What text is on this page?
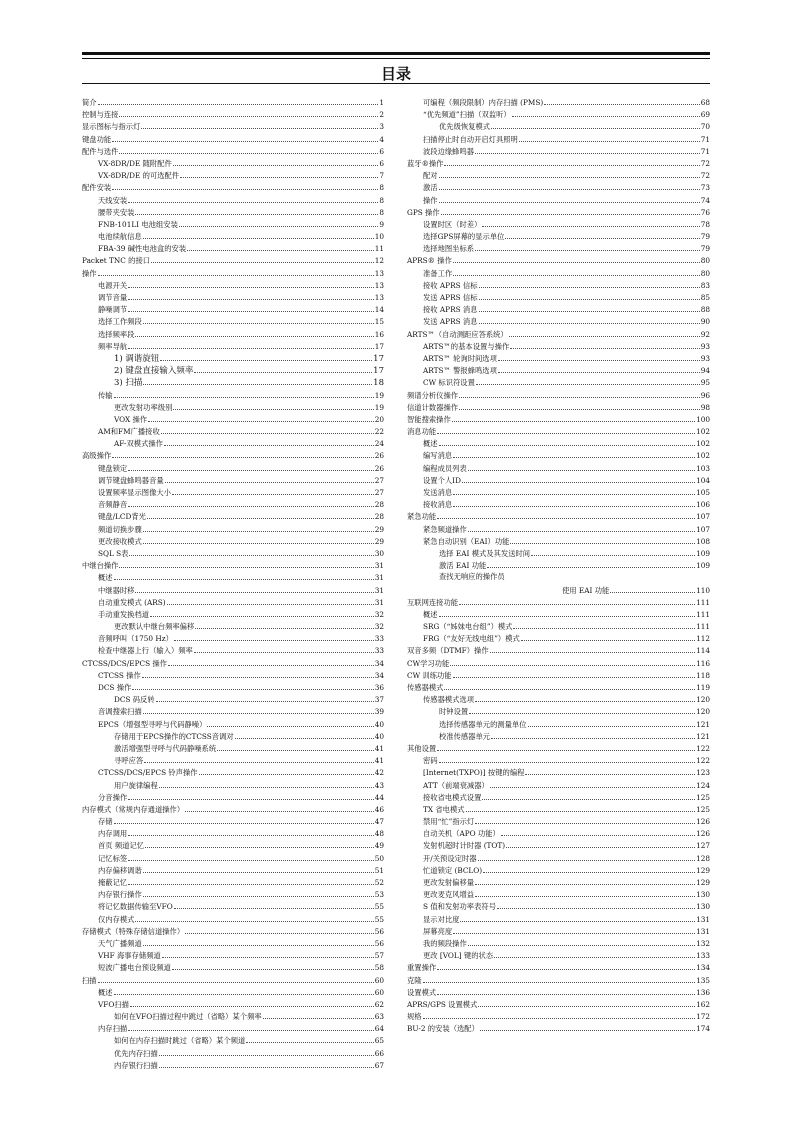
目录
简介	1
控制与连接	2
显示图标与指示灯	3
键盘功能	4
配件与选件	6
VX-8DR/DE 随附配件	6
VX-8DR/DE 的可选配件	7
配件安装	8
天线安装	8
腰带夹安装	8
FNB-101LI 电池组安装	9
电池续航信息	10
FBA-39 碱性电池盒的安装	11
Packet TNC 的接口	12
操作	13
电源开关	13
调节音量	13
静噪调节	14
选择工作频段	15
选择频率段	16
频率导航	17
1) 调谐旋钮	17
2) 键盘直接输入频率	17
3) 扫描	18
传输	19
更改发射功率级别	19
VOX 操作	20
AM和FM广播接收	22
AF-双模式操作	24
高级操作	26
键盘锁定	26
调节键盘蜂鸣器音量	27
设置频率显示图像大小	27
音频静音	28
键盘/LCD背光	28
频道切换步骤	29
更改接收模式	29
SQL S表	30
中继台操作	31
概述	31
中继器时移	31
自动重发模式 (ARS)	31
手动重发换档道	32
更改默认中继台频率偏移	32
音频呼叫（1750 Hz）	33
检查中继器上行（输入）频率	33
CTCSS/DCS/EPCS 操作	34
CTCSS 操作	34
DCS 操作	36
DCS 码反转	37
音调搜索扫描	39
EPCS（增强型寻呼与代码静噪）	40
存储用于EPCS操作的CTCSS音调对	40
激活增强型寻呼与代码静噪系统	41
寻呼应答	41
CTCSS/DCS/EPCS 铃声操作	42
用户旋律编程	43
分音操作	44
内存模式（常规内存通道操作）	46
存储	47
内存调用	48
首页 频道记忆	49
记忆标签	50
内存偏移调谐	51
掩蔽记忆	52
内存银行操作	53
将记忆数据传输至VFO	55
仅内存模式	55
存储模式（特殊存储信道操作）	56
天气广播频道	56
VHF 海事存储频道	57
短波广播电台预设频道	58
扫描	60
概述	60
VFO扫描	62
如何在VFO扫描过程中跳过（省略）某个频率	63
内存扫描	64
如何在内存扫描时跳过（省略）某个频道	65
优先内存扫描	66
内存银行扫描	67
可编程（频段限制）内存扫描 (PMS)	68
“优先频道”扫描（双监听）	69
优先级恢复模式	70
扫描停止时自动开启灯具照明	71
波段边缘蜂鸣器	71
蓝牙®操作	72
配对	72
激活	73
操作	74
GPS 操作	76
设置时区（时差）	78
选择GPS屏幕的显示单位	79
选择地图坐标系	79
APRS® 操作	80
准备工作	80
接收 APRS 信标	83
发送 APRS 信标	85
接收 APRS 消息	88
发送 APRS 消息	90
ARTS™（自动测距应答系统）	92
ARTS™的基本设置与操作	93
ARTS™ 轮询时间选项	93
ARTS™ 警报蜂鸣选项	94
CW 标识符设置	95
频谱分析仪操作	96
信道计数器操作	98
智能搜索操作	100
消息功能	102
概述	102
编写消息	102
编程成员列表	103
设置个人ID	104
发送消息	105
接收消息	106
紧急功能	107
紧急频道操作	107
紧急自动识别（EAI）功能	108
选择 EAI 模式及其发送时间	109
激活 EAI 功能	109
查找无响应的操作员
使用 EAI 功能	110
互联网连接功能	111
概述	111
SRG（“姊妹电台组”）模式	111
FRG（“友好无线电组”）模式	112
双音多频（DTMF）操作	114
CW学习功能	116
CW 训练功能	118
传感器模式	119
传感器模式选项	120
时钟设置	120
选择传感器单元的测量单位	121
校准传感器单元	121
其他设置	122
密码	122
[Internet(TXPO)] 按键的编程	123
ATT（前端衰减器）	124
接收省电模式设置	125
TX 省电模式	125
禁用“忙”指示灯	126
自动关机（APO 功能）	126
发射机超时计时器 (TOT)	127
开/关预设定时器	128
忙道锁定 (BCLO)	129
更改发射偏移量	129
更改麦克风增益	130
S 值和发射功率表符号	130
显示对比度	131
屏幕亮度	131
我的频段操作	132
更改 [VOL] 键的状态	133
重置操作	134
克隆	135
设置模式	136
APRS/GPS 设置模式	162
规格	172
BU-2 的安装（选配）	174
